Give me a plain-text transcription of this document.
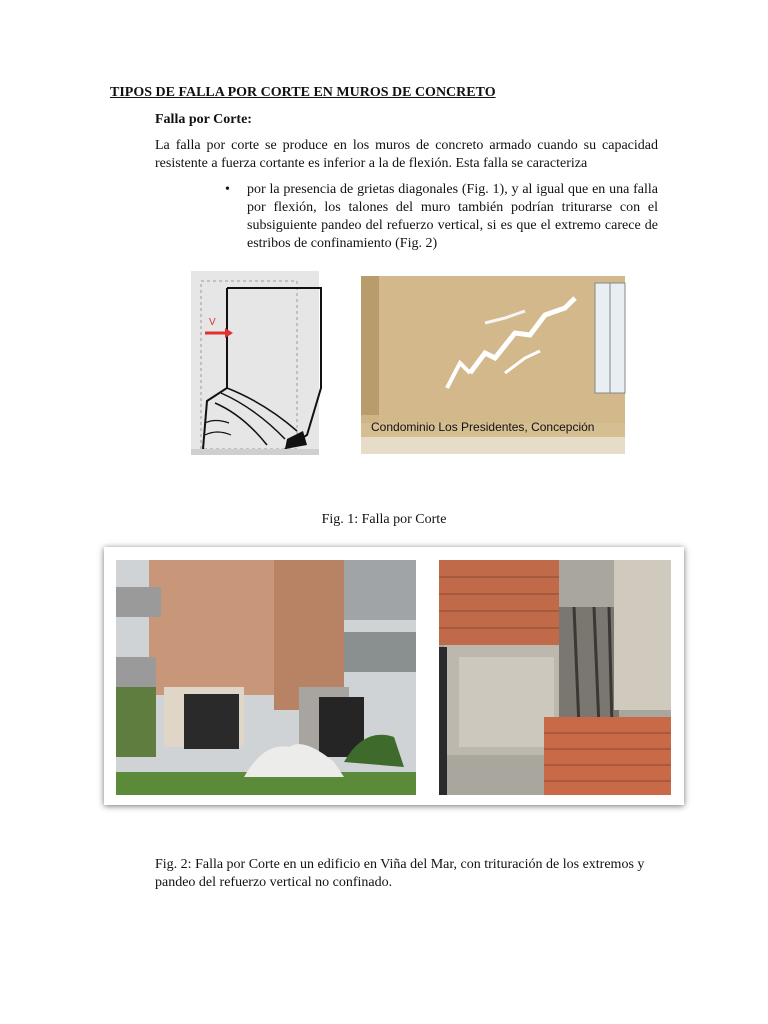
TIPOS DE FALLA POR CORTE EN MUROS DE CONCRETO
Falla por Corte:

La falla por corte se produce en los muros de concreto armado cuando su capacidad resistente a fuerza cortante es inferior a la de flexión. Esta falla se caracteriza

• por la presencia de grietas diagonales (Fig. 1), y al igual que en una falla por flexión, los talones del muro también podrían triturarse con el subsiguiente pandeo del refuerzo vertical, si es que el extremo carece de estribos de confinamiento (Fig. 2)
V
Condominio Los Presidentes, Concepción
Fig. 1: Falla por Corte

Fig. 2: Falla por Corte en un edificio en Viña del Mar, con trituración de los extremos y pandeo del refuerzo vertical no confinado.
